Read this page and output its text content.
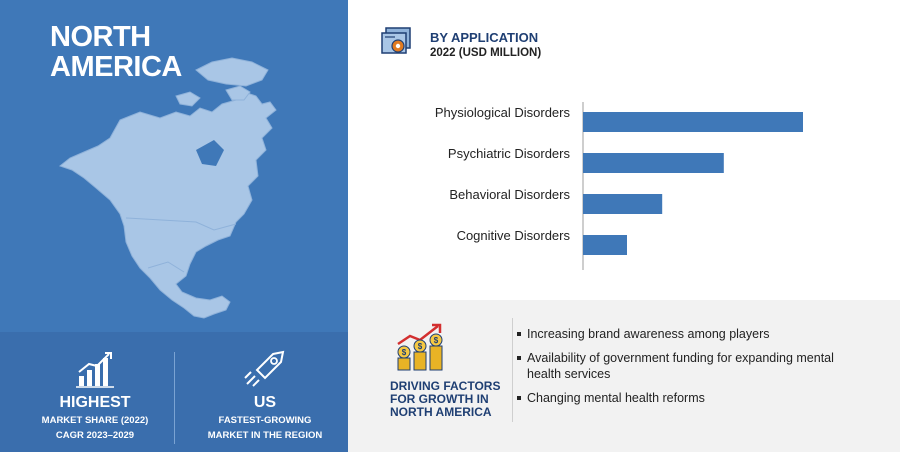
NORTH
AMERICA
HIGHEST
MARKET SHARE (2022)
CAGR 2023–2029
US
FASTEST-GROWING
MARKET IN THE REGION
BY APPLICATION
2022 (USD MILLION)
Physiological Disorders
Psychiatric Disorders
Behavioral Disorders
Cognitive Disorders
$
$
$
DRIVING FACTORS
FOR GROWTH IN
NORTH AMERICA
Increasing brand awareness among players
Availability of government funding for expanding mental health services
Changing mental health reforms
